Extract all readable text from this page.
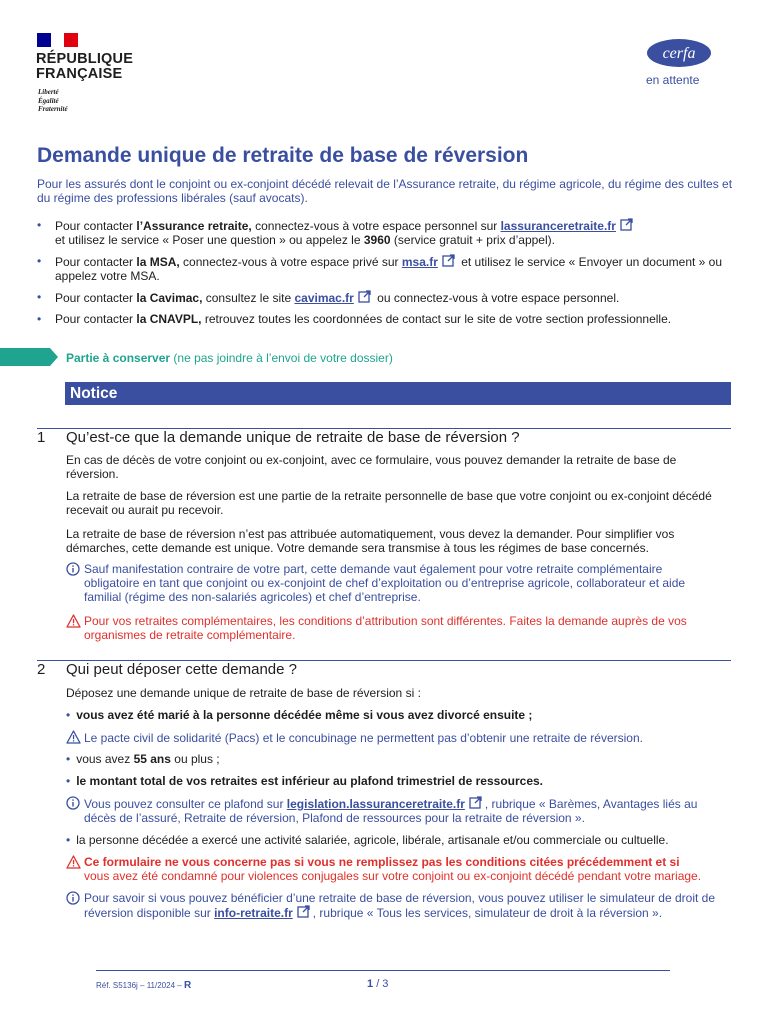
RÉPUBLIQUE
FRANÇAISE
Liberté
Égalité
Fraternité
cerfa
en attente
Demande unique de retraite de base de réversion
Pour les assurés dont le conjoint ou ex-conjoint décédé relevait de l’Assurance retraite, du régime agricole, du régime des cultes et du régime des professions libérales (sauf avocats).
• Pour contacter l’Assurance retraite, connectez-vous à votre espace personnel sur lassuranceretraite.fr
et utilisez le service « Poser une question » ou appelez le 3960 (service gratuit + prix d’appel).
• Pour contacter la MSA, connectez-vous à votre espace privé sur msa.fr et utilisez le service « Envoyer un document » ou appelez votre MSA.
• Pour contacter la Cavimac, consultez le site cavimac.fr ou connectez-vous à votre espace personnel.
• Pour contacter la CNAVPL, retrouvez toutes les coordonnées de contact sur le site de votre section professionnelle.
Partie à conserver (ne pas joindre à l’envoi de votre dossier)
Notice
1 Qu’est-ce que la demande unique de retraite de base de réversion ?
En cas de décès de votre conjoint ou ex-conjoint, avec ce formulaire, vous pouvez demander la retraite de base de réversion.
La retraite de base de réversion est une partie de la retraite personnelle de base que votre conjoint ou ex-conjoint décédé recevait ou aurait pu recevoir.
La retraite de base de réversion n’est pas attribuée automatiquement, vous devez la demander. Pour simplifier vos démarches, cette demande est unique. Votre demande sera transmise à tous les régimes de base concernés.
Sauf manifestation contraire de votre part, cette demande vaut également pour votre retraite complémentaire obligatoire en tant que conjoint ou ex-conjoint de chef d’exploitation ou d’entreprise agricole, collaborateur et aide familial (régime des non-salariés agricoles) et chef d’entreprise.
Pour vos retraites complémentaires, les conditions d’attribution sont différentes. Faites la demande auprès de vos organismes de retraite complémentaire.
2 Qui peut déposer cette demande ?
Déposez une demande unique de retraite de base de réversion si :
• vous avez été marié à la personne décédée même si vous avez divorcé ensuite ;
Le pacte civil de solidarité (Pacs) et le concubinage ne permettent pas d’obtenir une retraite de réversion.
• vous avez 55 ans ou plus ;
• le montant total de vos retraites est inférieur au plafond trimestriel de ressources.
Vous pouvez consulter ce plafond sur legislation.lassuranceretraite.fr , rubrique « Barèmes, Avantages liés au décès de l’assuré, Retraite de réversion, Plafond de ressources pour la retraite de réversion ».
• la personne décédée a exercé une activité salariée, agricole, libérale, artisanale et/ou commerciale ou cultuelle.
Ce formulaire ne vous concerne pas si vous ne remplissez pas les conditions citées précédemment et si
vous avez été condamné pour violences conjugales sur votre conjoint ou ex-conjoint décédé pendant votre mariage.
Pour savoir si vous pouvez bénéficier d’une retraite de base de réversion, vous pouvez utiliser le simulateur de droit de réversion disponible sur info-retraite.fr , rubrique « Tous les services, simulateur de droit à la réversion ».
Réf. S5136j – 11/2024 – R	1 / 3
